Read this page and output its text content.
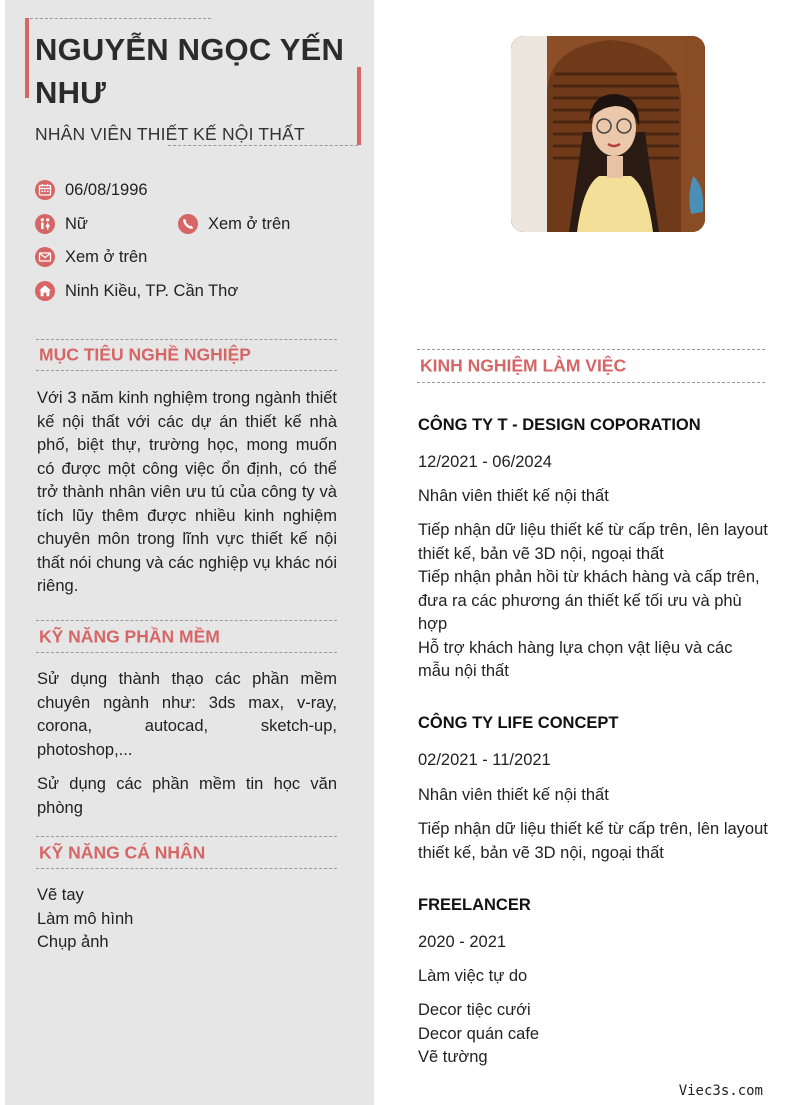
NGUYỄN NGỌC YẾN NHƯ

NHÂN VIÊN THIẾT KẾ NỘI THẤT

06/08/1996
Nữ	Xem ở trên
Xem ở trên
Ninh Kiều, TP. Cần Thơ
MỤC TIÊU NGHỀ NGHIỆP

Với 3 năm kinh nghiệm trong ngành thiết kế nội thất với các dự án thiết kế nhà phố, biệt thự, trường học, mong muốn có được một công việc ổn định, có thể trở thành nhân viên ưu tú của công ty và tích lũy thêm được nhiều kinh nghiệm chuyên môn trong lĩnh vực thiết kế nội thất nói chung và các nghiệp vụ khác nói riêng.

KỸ NĂNG PHẦN MỀM

Sử dụng thành thạo các phần mềm chuyên ngành như: 3ds max, v-ray, corona, autocad, sketch-up, photoshop,...

Sử dụng các phần mềm tin học văn phòng

KỸ NĂNG CÁ NHÂN
Vẽ tay
Làm mô hình
Chụp ảnh
KINH NGHIỆM LÀM VIỆC

CÔNG TY T - DESIGN COPORATION

12/2021 - 06/2024

Nhân viên thiết kế nội thất

Tiếp nhận dữ liệu thiết kế từ cấp trên, lên layout thiết kế, bản vẽ 3D nội, ngoại thất
Tiếp nhận phản hồi từ khách hàng và cấp trên, đưa ra các phương án thiết kế tối ưu và phù hợp
Hỗ trợ khách hàng lựa chọn vật liệu và các mẫu nội thất

CÔNG TY LIFE CONCEPT

02/2021 - 11/2021

Nhân viên thiết kế nội thất

Tiếp nhận dữ liệu thiết kế từ cấp trên, lên layout thiết kế, bản vẽ 3D nội, ngoại thất

FREELANCER

2020 - 2021

Làm việc tự do

Decor tiệc cưới
Decor quán cafe
Vẽ tường
Viec3s.com
